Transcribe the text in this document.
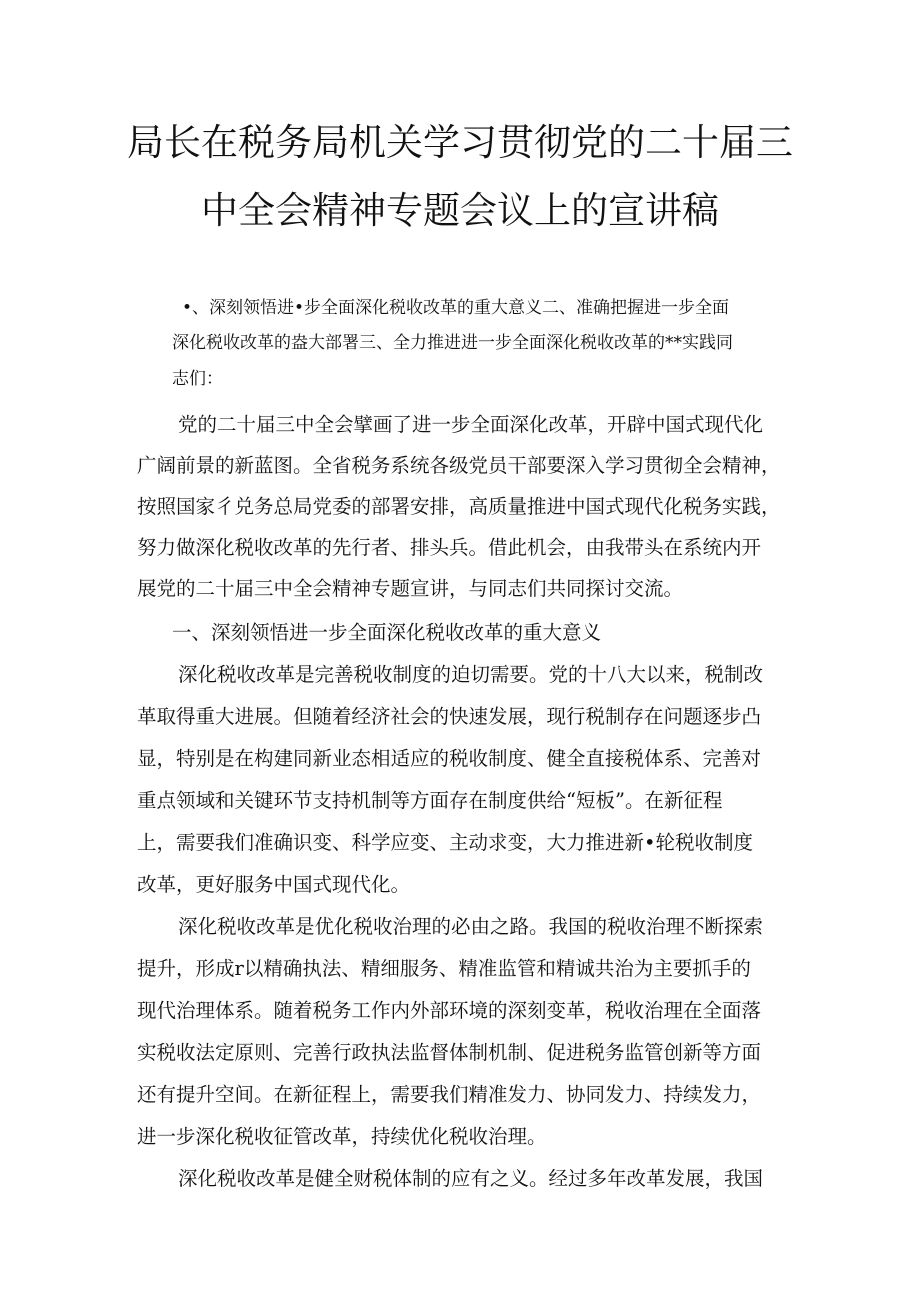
局长在税务局机关学习贯彻党的二十届三
中全会精神专题会议上的宣讲稿
•、深刻领悟进•步全面深化税收改革的重大意义二、准确把握进一步全面
深化税收改革的盎大部署三、全力推进进一步全面深化税收改革的**实践同
志们：
党的二十届三中全会擘画了进一步全面深化改革，开辟中国式现代化
广阔前景的新蓝图。全省税务系统各级党员干部要深入学习贯彻全会精神，
按照国家彳兑务总局党委的部署安排，高质量推进中国式现代化税务实践，
努力做深化税收改革的先行者、排头兵。借此机会，由我带头在系统内开
展党的二十届三中全会精神专题宣讲，与同志们共同探讨交流。
一、深刻领悟进一步全面深化税收改革的重大意义
深化税收改革是完善税收制度的迫切需要。党的十八大以来，税制改
革取得重大进展。但随着经济社会的快速发展，现行税制存在问题逐步凸
显，特别是在构建同新业态相适应的税收制度、健全直接税体系、完善对
重点领域和关键环节支持机制等方面存在制度供给“短板”。在新征程
上，需要我们准确识变、科学应变、主动求变，大力推进新•轮税收制度
改革，更好服务中国式现代化。
深化税收改革是优化税收治理的必由之路。我国的税收治理不断探索
提升，形成r以精确执法、精细服务、精准监管和精诚共治为主要抓手的
现代治理体系。随着税务工作内外部环境的深刻变革，税收治理在全面落
实税收法定原则、完善行政执法监督体制机制、促进税务监管创新等方面
还有提升空间。在新征程上，需要我们精准发力、协同发力、持续发力，
进一步深化税收征管改革，持续优化税收治理。
深化税收改革是健全财税体制的应有之义。经过多年改革发展，我国
